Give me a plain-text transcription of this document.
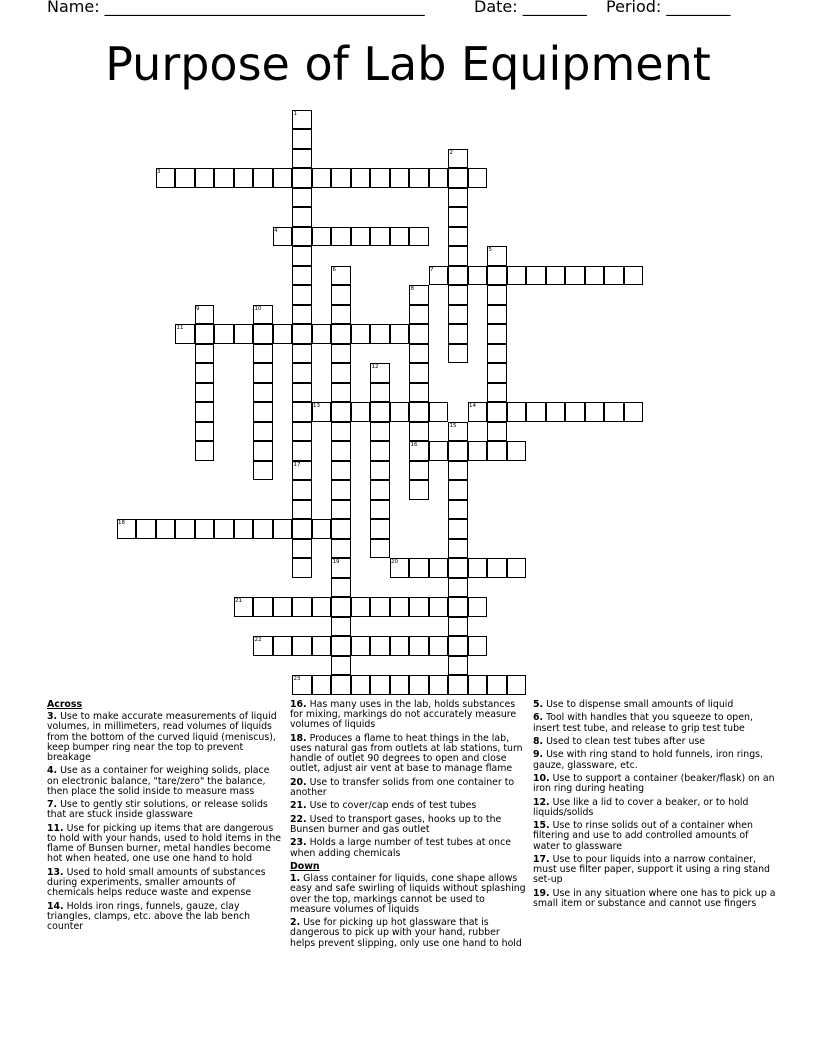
Name: ________________________________________	Date: ________ Period: ________
Purpose of Lab Equipment
1
2
3
4
5
6	7
8
9	10
11
12
13	14
16
17
18
19	20
21
22
23
15
Across
3. Use to make accurate measurements of liquid volumes, in millimeters, read volumes of liquids from the bottom of the curved liquid (meniscus), keep bumper ring near the top to prevent breakage
4. Use as a container for weighing solids, place on electronic balance, "tare/zero" the balance, then place the solid inside to measure mass
7. Use to gently stir solutions, or release solids that are stuck inside glassware
11. Use for picking up items that are dangerous to hold with your hands, used to hold items in the flame of Bunsen burner, metal handles become hot when heated, one use one hand to hold
13. Used to hold small amounts of substances during experiments, smaller amounts of chemicals helps reduce waste and expense
14. Holds iron rings, funnels, gauze, clay triangles, clamps, etc. above the lab bench counter
16. Has many uses in the lab, holds substances for mixing, markings do not accurately measure volumes of liquids
18. Produces a flame to heat things in the lab, uses natural gas from outlets at lab stations, turn handle of outlet 90 degrees to open and close outlet, adjust air vent at base to manage flame
20. Use to transfer solids from one container to another
21. Use to cover/cap ends of test tubes
22. Used to transport gases, hooks up to the Bunsen burner and gas outlet
23. Holds a large number of test tubes at once when adding chemicals
Down
1. Glass container for liquids, cone shape allows easy and safe swirling of liquids without splashing over the top, markings cannot be used to measure volumes of liquids
2. Use for picking up hot glassware that is dangerous to pick up with your hand, rubber helps prevent slipping, only use one hand to hold
5. Use to dispense small amounts of liquid
6. Tool with handles that you squeeze to open, insert test tube, and release to grip test tube
8. Used to clean test tubes after use
9. Use with ring stand to hold funnels, iron rings, gauze, glassware, etc.
10. Use to support a container (beaker/flask) on an iron ring during heating
12. Use like a lid to cover a beaker, or to hold liquids/solids
15. Use to rinse solids out of a container when filtering and use to add controlled amounts of water to glassware
17. Use to pour liquids into a narrow container, must use filter paper, support it using a ring stand set-up
19. Use in any situation where one has to pick up a small item or substance and cannot use fingers
